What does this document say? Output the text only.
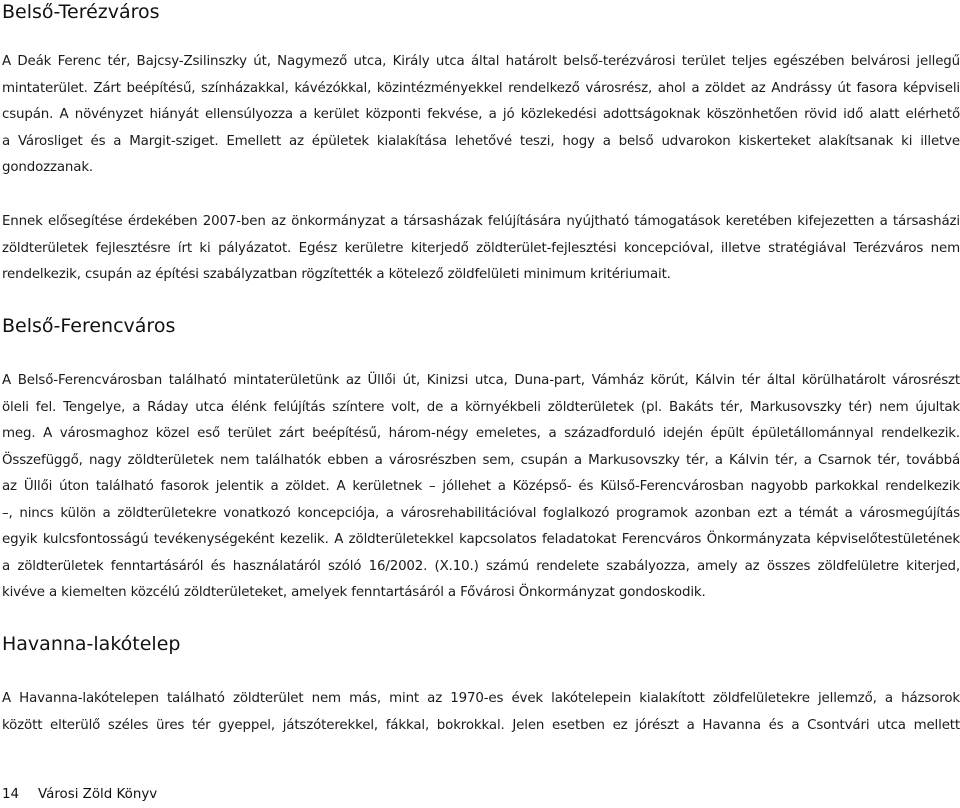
Belső-Terézváros
A Deák Ferenc tér, Bajcsy-Zsilinszky út, Nagymező utca, Király utca által határolt belső-terézvárosi terület teljes egészében belvárosi jellegű
mintaterület. Zárt beépítésű, színházakkal, kávézókkal, közintézményekkel rendelkező városrész, ahol a zöldet az Andrássy út fasora képviseli
csupán. A növényzet hiányát ellensúlyozza a kerület központi fekvése, a jó közlekedési adottságoknak köszönhetően rövid idő alatt elérhető
a Városliget és a Margit-sziget. Emellett az épületek kialakítása lehetővé teszi, hogy a belső udvarokon kiskerteket alakítsanak ki illetve
gondozzanak.
Ennek elősegítése érdekében 2007-ben az önkormányzat a társasházak felújítására nyújtható támogatások keretében kifejezetten a társasházi
zöldterületek fejlesztésre írt ki pályázatot. Egész kerületre kiterjedő zöldterület-fejlesztési koncepcióval, illetve stratégiával Terézváros nem
rendelkezik, csupán az építési szabályzatban rögzítették a kötelező zöldfelületi minimum kritériumait.
Belső-Ferencváros
A Belső-Ferencvárosban található mintaterületünk az Üllői út, Kinizsi utca, Duna-part, Vámház körút, Kálvin tér által körülhatárolt városrészt
öleli fel. Tengelye, a Ráday utca élénk felújítás színtere volt, de a környékbeli zöldterületek (pl. Bakáts tér, Markusovszky tér) nem újultak
meg. A városmaghoz közel eső terület zárt beépítésű, három-négy emeletes, a századforduló idején épült épületállománnyal rendelkezik.
Összefüggő, nagy zöldterületek nem találhatók ebben a városrészben sem, csupán a Markusovszky tér, a Kálvin tér, a Csarnok tér, továbbá
az Üllői úton található fasorok jelentik a zöldet. A kerületnek – jóllehet a Középső- és Külső-Ferencvárosban nagyobb parkokkal rendelkezik
–, nincs külön a zöldterületekre vonatkozó koncepciója, a városrehabilitációval foglalkozó programok azonban ezt a témát a városmegújítás
egyik kulcsfontosságú tevékenységeként kezelik. A zöldterületekkel kapcsolatos feladatokat Ferencváros Önkormányzata képviselőtestületének
a zöldterületek fenntartásáról és használatáról szóló 16/2002. (X.10.) számú rendelete szabályozza, amely az összes zöldfelületre kiterjed,
kivéve a kiemelten közcélú zöldterületeket, amelyek fenntartásáról a Fővárosi Önkormányzat gondoskodik.
Havanna-lakótelep
A Havanna-lakótelepen található zöldterület nem más, mint az 1970-es évek lakótelepein kialakított zöldfelületekre jellemző, a házsorok
között elterülő széles üres tér gyeppel, játszóterekkel, fákkal, bokrokkal. Jelen esetben ez jórészt a Havanna és a Csontvári utca mellett
14 Városi Zöld Könyv
